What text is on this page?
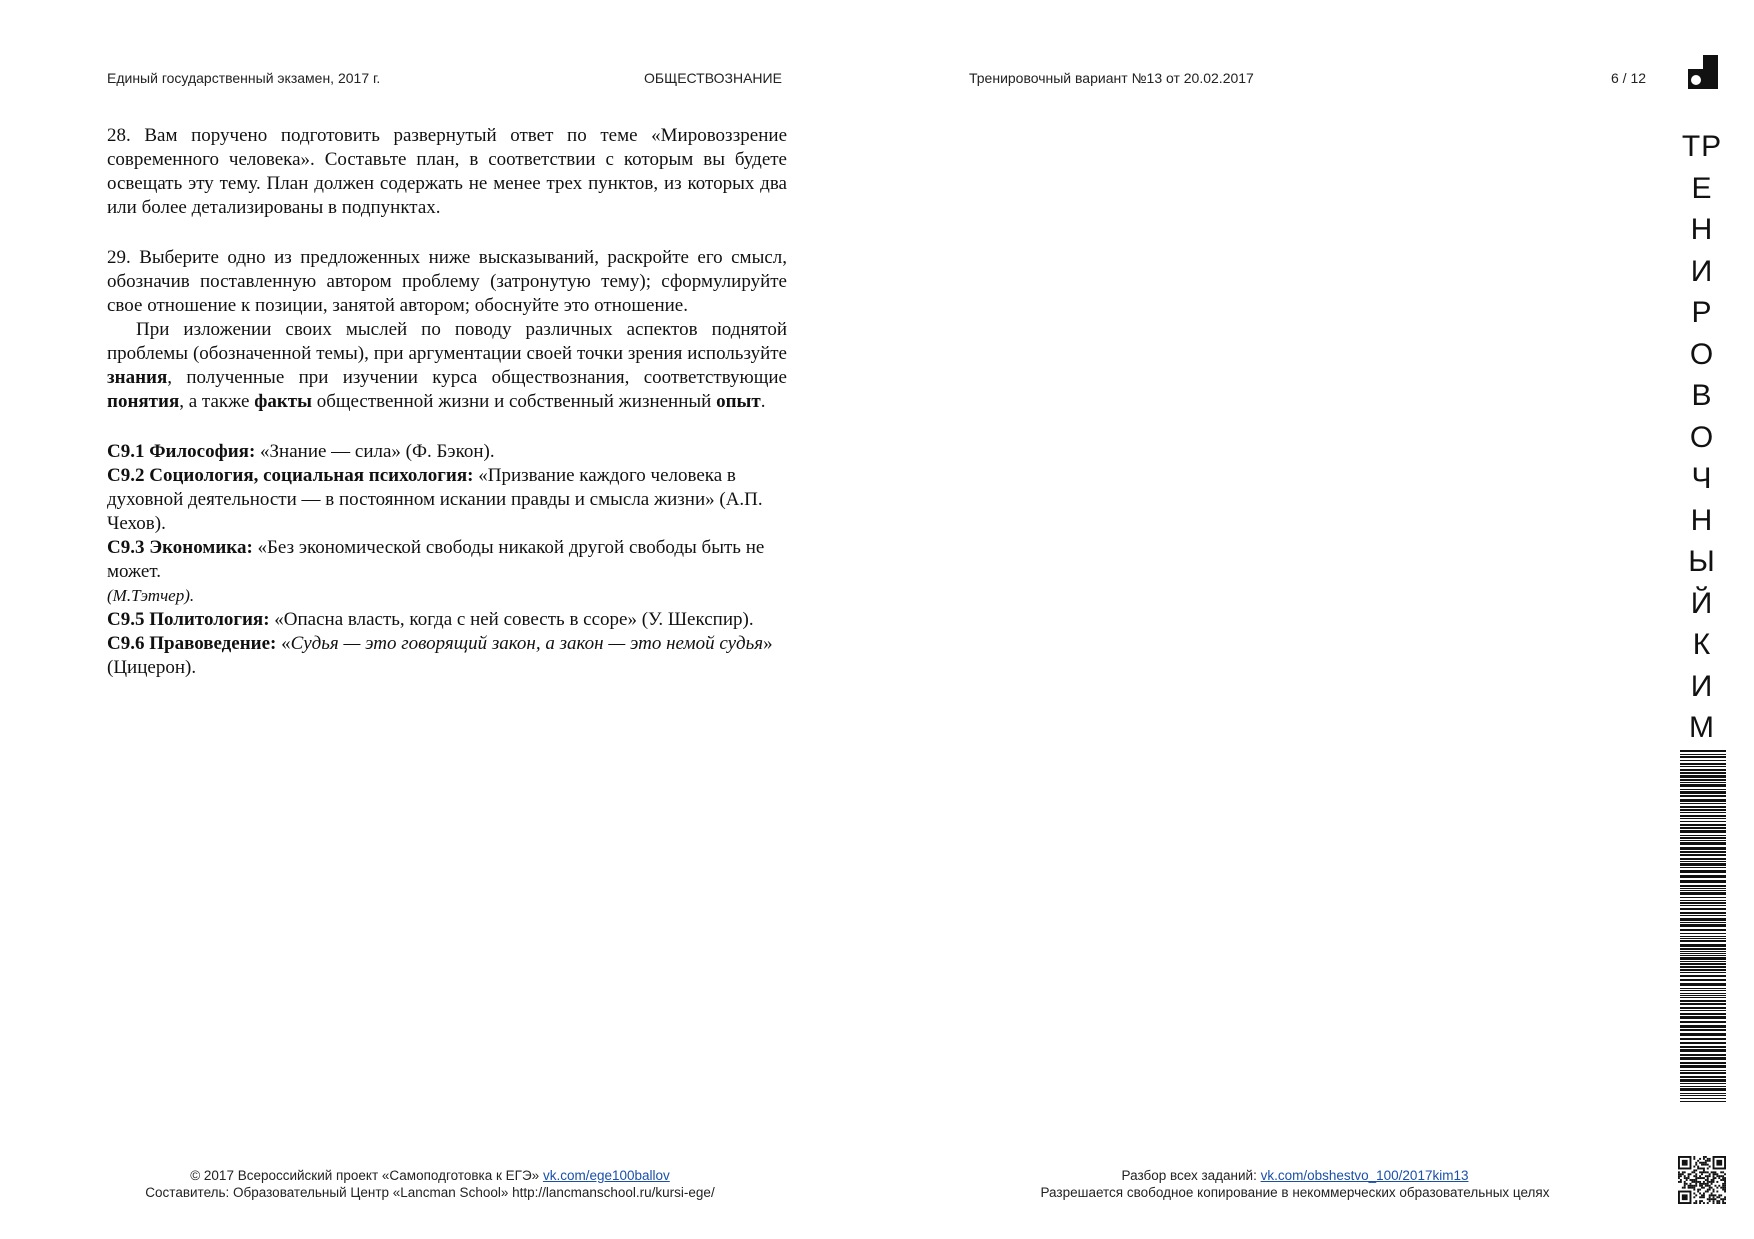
Единый государственный экзамен, 2017 г.	ОБЩЕСТВОЗНАНИЕ	Тренировочный вариант №13 от 20.02.2017	6 / 12

28. Вам поручено подготовить развернутый ответ по теме «Мировоззрение современного человека». Составьте план, в соответствии с которым вы будете освещать эту тему. План должен содержать не менее трех пунктов, из которых два или более детализированы в подпунктах.

29. Выберите одно из предложенных ниже высказываний, раскройте его смысл, обозначив поставленную автором проблему (затронутую тему); сформулируйте свое отношение к позиции, занятой автором; обоснуйте это отношение.

При изложении своих мыслей по поводу различных аспектов поднятой проблемы (обозначенной темы), при аргументации своей точки зрения используйте знания, полученные при изучении курса обществознания, соответствующие понятия, а также факты общественной жизни и собственный жизненный опыт.

С9.1 Философия: «Знание — сила» (Ф. Бэкон).
С9.2 Социология, социальная психология: «Призвание каждого человека в духовной деятельности — в постоянном искании правды и смысла жизни» (А.П. Чехов).
С9.3 Экономика: «Без экономической свободы никакой другой свободы быть не может.
(М.Тэтчер).
С9.5 Политология: «Опасна власть, когда с ней совесть в ссоре» (У. Шекспир).
С9.6 Правоведение: «Судья — это говорящий закон, а закон — это немой судья» (Цицерон).
ТР
Е
Н
И
Р
О
В
О
Ч
Н
Ы
Й
К
И
М
© 2017 Всероссийский проект «Самоподготовка к ЕГЭ» vk.com/ege100ballov
Составитель: Образовательный Центр «Lancman School» http://lancmanschool.ru/kursi-ege/
Разбор всех заданий: vk.com/obshestvo_100/2017kim13
Разрешается свободное копирование в некоммерческих образовательных целях
